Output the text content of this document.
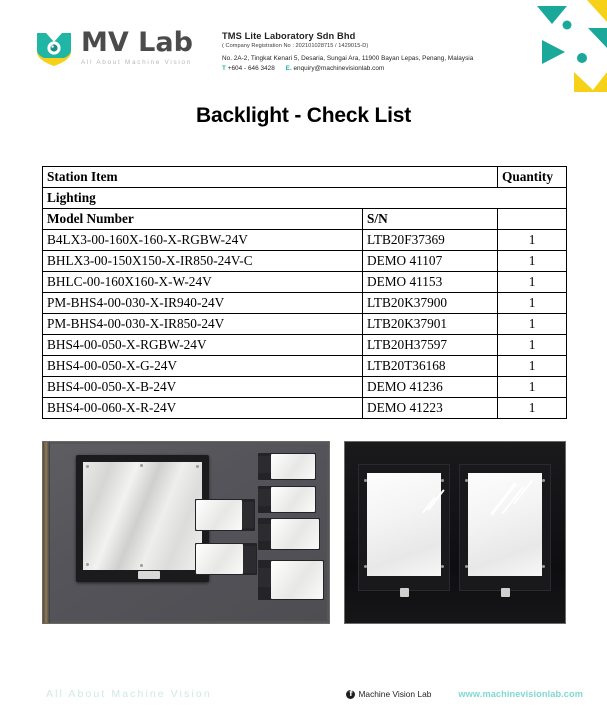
MV Lab
All About Machine Vision
TMS Lite Laboratory Sdn Bhd
( Company Registration No : 202101028715 / 1429015-D)
No. 2A-2, Tingkat Kenari 5, Desaria, Sungai Ara, 11900 Bayan Lepas, Penang, Malaysia
T +604 - 646 3428 E. enquiry@machinevisionlab.com
Backlight - Check List
Station Item		Quantity
Lighting		
Model Number	S/N	
B4LX3-00-160X-160-X-RGBW-24V	LTB20F37369	1
BHLX3-00-150X150-X-IR850-24V-C	DEMO 41107	1
BHLC-00-160X160-X-W-24V	DEMO 41153	1
PM-BHS4-00-030-X-IR940-24V	LTB20K37900	1
PM-BHS4-00-030-X-IR850-24V	LTB20K37901	1
BHS4-00-050-X-RGBW-24V	LTB20H37597	1
BHS4-00-050-X-G-24V	LTB20T36168	1
BHS4-00-050-X-B-24V	DEMO 41236	1
BHS4-00-060-X-R-24V	DEMO 41223	1
All About Machine Vision	f Machine Vision Lab	www.machinevisionlab.com
